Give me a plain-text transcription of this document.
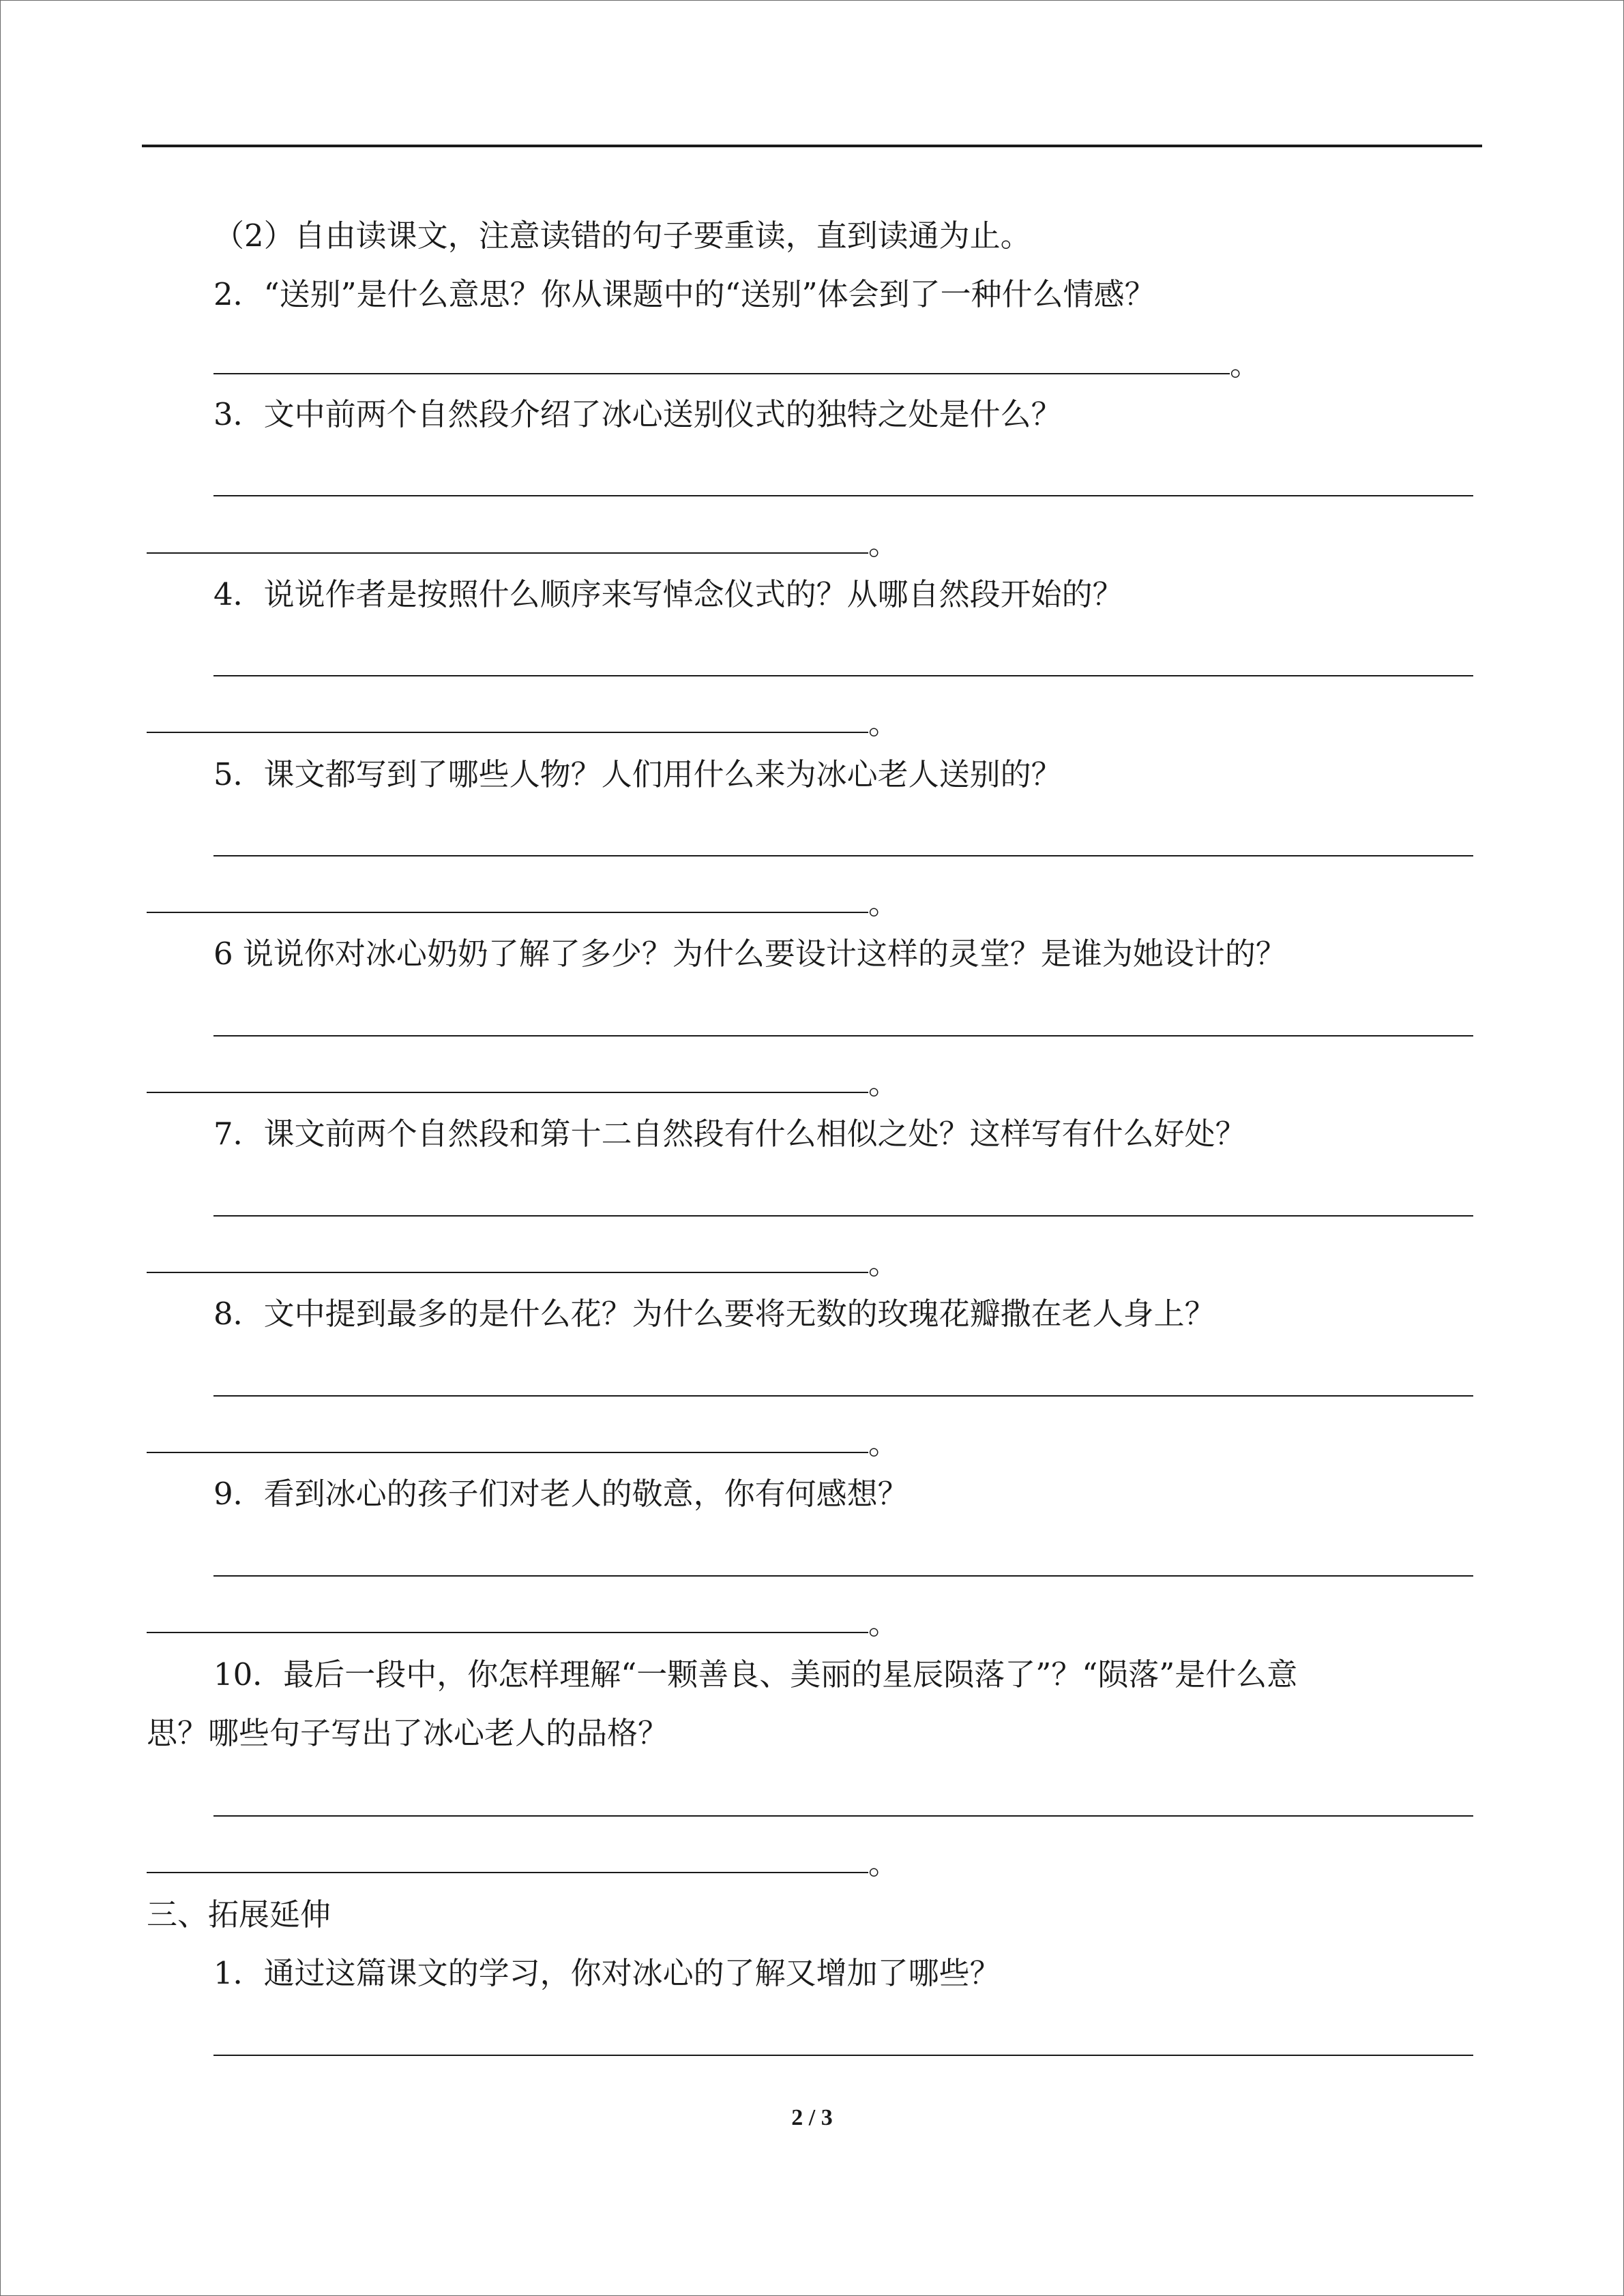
（2）自由读课文，注意读错的句子要重读，直到读通为止。
2．“送别”是什么意思？你从课题中的“送别”体会到了一种什么情感？
。
3．文中前两个自然段介绍了冰心送别仪式的独特之处是什么？
。
4．说说作者是按照什么顺序来写悼念仪式的？从哪自然段开始的？
。
5．课文都写到了哪些人物？人们用什么来为冰心老人送别的？
。
6 说说你对冰心奶奶了解了多少？为什么要设计这样的灵堂？是谁为她设计的？
。
7．课文前两个自然段和第十二自然段有什么相似之处？这样写有什么好处？
。
8．文中提到最多的是什么花？为什么要将无数的玫瑰花瓣撒在老人身上？
。
9．看到冰心的孩子们对老人的敬意，你有何感想？
。
10．最后一段中，你怎样理解“一颗善良、美丽的星辰陨落了”？“陨落”是什么意
思？哪些句子写出了冰心老人的品格？
。
三、拓展延伸
1．通过这篇课文的学习，你对冰心的了解又增加了哪些？
2 / 3
